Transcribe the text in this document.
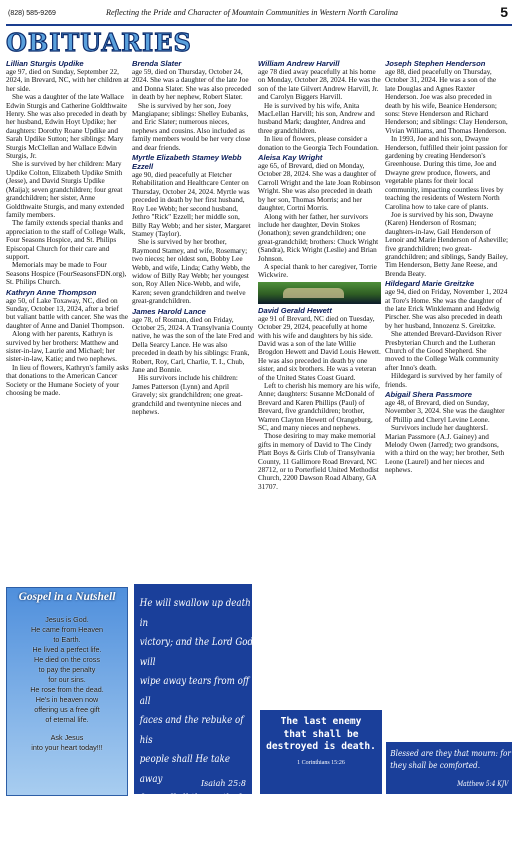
(828) 585-9269	Reflecting the Pride and Character of Mountain Communities in Western North Carolina	5
OBITUARIES
Lillian Sturgis Updike

age 97, died on Sunday, September 22, 2024, in Brevard, NC, with her children at her side.

She was a daughter of the late Wallace Edwin Sturgis and Catherine Goldthwaite Henry. She was also preceded in death by her husband, Edwin Hoyt Updike; her daughters: Dorothy Roane Updike and Sarah Updike Sutton; her siblings: Mary Sturgis McClellan and Wallace Edwin Sturgis, Jr.

She is survived by her children: Mary Updike Colton, Elizabeth Updike Smith (Jesse), and David Sturgis Updike (Maija); seven grandchildren; four great grandchildren; her sister, Anne Goldthwaite Sturgis, and many extended family members.

The family extends special thanks and appreciation to the staff of College Walk, Four Seasons Hospice, and St. Philips Episcopal Church for their care and support.

Memorials may be made to Four Seasons Hospice (FourSeasonsFDN.org), St. Philips Church.

Kathryn Anne Thompson

age 50, of Lake Toxaway, NC, died on Sunday, October 13, 2024, after a brief but valiant battle with cancer. She was the daughter of Anne and Daniel Thompson.

Along with her parents, Kathryn is survived by her brothers: Matthew and sister-in-law, Laurie and Michael; her sister-in-law, Katie; and two nephews.

In lieu of flowers, Kathryn's family asks that donations to the American Cancer Society or the Humane Society of your choosing be made.

Brenda Slater

age 59, died on Thursday, October 24, 2024. She was a daughter of the late Joe and Donna Slater. She was also preceded in death by her nephew, Robert Slater.

She is survived by her son, Joey Mangiapane; siblings: Shelley Eubanks, and Eric Slater; numerous nieces, nephews and cousins. Also included as family members would be her very close and dear friends.

Myrtle Elizabeth Stamey Webb Ezzell

age 90, died peacefully at Fletcher Rehabilitation and Healthcare Center on Thursday, October 24, 2024. Myrtle was preceded in death by her first husband, Roy Lee Webb; her second husband, Jethro "Rick" Ezzell; her middle son, Billy Ray Webb; and her sister, Margaret Stamey (Taylor).

She is survived by her brother, Raymond Stamey, and wife, Rosemary; two nieces; her oldest son, Bobby Lee Webb, and wife, Linda; Cathy Webb, the widow of Billy Ray Webb; her youngest son, Roy Allen Nice-Webb, and wife, Karen; seven grandchildren and twelve great-grandchildren.

James Harold Lance

age 78, of Rosman, died on Friday, October 25, 2024. A Transylvania County native, he was the son of the late Fred and Della Searcy Lance. He was also preceded in death by his siblings: Frank, Robert, Roy, Carl, Charlie, T. I., Chub, Jane and Bonnie.

His survivors include his children: James Patterson (Lynn) and April Gravely; six grandchildren; one great-grandchild and twentynine nieces and nephews.

William Andrew Harvill

age 78 died away peacefully at his home on Monday, October 28, 2024. He was the son of the late Gilvert Andrew Harvill, Jr. and Carolyn Biggers Harvill.

He is survived by his wife, Anita MacLellan Harvill; his son, Andrew and husband Mark; daughter, Andrea and three grandchildren.

In lieu of flowers, please consider a donation to the Georgia Tech Foundation.

Aleisa Kay Wright

age 65, of Brevard, died on Monday, October 28, 2024. She was a daughter of Carroll Wright and the late Joan Robinson Wright. She was also preceded in death by her son, Thomas Morris; and her daughter, Cortni Morris.

Along with her father, her survivors include her daughter, Devin Stokes (Jonathon); seven grandchildren; one great-grandchild; brothers: Chuck Wright (Sandra), Rick Wright (Leslie) and Brian Johnson.

A special thank to her caregiver, Torrie Wickwire.

David Gerald Hewett

age 91 of Brevard, NC died on Tuesday, October 29, 2024, peacefully at home with his wife and daughters by his side. David was a son of the late Willie Brogdon Hewett and David Louis Hewett. He was also preceded in death by one sister, and six brothers. He was a veteran of the United States Coast Guard.

Left to cherish his memory are his wife, Anne; daughters: Susanne McDonald of Brevard and Karen Phillips (Paul) of Brevard, five grandchildren; brother, Warren Clayton Hewett of Orangeburg, SC, and many nieces and nephews.

Those desiring to may make memorial gifts in memory of David to The Cindy Platt Boys & Girls Club of Transylvania County, 11 Gallimore Road Brevard, NC 28712, or to Porterfield United Methodist Church, 2200 Dawson Road Albany, GA 31707.

Joseph Stephen Henderson

age 88, died peacefully on Thursday, October 31, 2024. He was a son of the late Douglas and Agnes Raxter Henderson. Joe was also preceded in death by his wife, Beanice Henderson; sons: Steve Henderson and Richard Henderson; and siblings: Clay Henderson, Vivian Williams, and Thomas Henderson.

In 1993, Joe and his son, Dwayne Henderson, fulfilled their joint passion for gardening by creating Henderson's Greenhouse. During this time, Joe and Dwayne grew produce, flowers, and vegetable plants for their local community, impacting countless lives by teaching the residents of Western North Carolina how to take care of plants.

Joe is survived by his son, Dwayne (Karen) Henderson of Rosman; daughters-in-law, Gail Henderson of Lenoir and Marie Henderson of Asheville; five grandchildren; two great-grandchildren; and siblings, Sandy Bailey, Tim Henderson, Betty Jane Reese, and Brenda Beaty.

Hildegard Marie Greitzke

age 94, died on Friday, November 1, 2024 at Tore's Home. She was the daughter of the late Erick Winklemann and Hedwig Pirscher. She was also preceded in death by her husband, Innozenz S. Greitzke.

She attended Brevard-Davidson River Presbyterian Church and the Lutheran Church of the Good Shepherd. She moved to the College Walk community after Inno's death.

Hildegard is survived by her family of friends.

Abigail Shera Passmore

age 48, of Brevard, died on Sunday, November 3, 2024. She was the daughter of Phillip and Cheryl Levine Leone.

Survivors include her daughtersL Marian Passmore (A.J. Gainey) and Melody Owen (Jarred); two grandsons, with a third on the way; her brother, Seth Leone (Laurel) and her nieces and nephews.

Gospel in a Nutshell
Jesus is God.
He came from Heaven
to Earth.
He lived a perfect life.
He died on the cross
to pay the penalty
for our sins.
He rose from the dead.
He's in heaven now
offering us a free gift
of eternal life.
Ask Jesus
into your heart today!!!
He will swallow up death in
victory; and the Lord God will
wipe away tears from off all
faces and the rebuke of his
people shall He take away
from off all the earth: for the
Lord hath spoken it.
Isaiah 25:8
The last enemy
that shall be
destroyed is death.
1 Corinthians 15:26
Blessed are they that mourn: for
they shall be comforted.
Matthew 5:4 KJV
